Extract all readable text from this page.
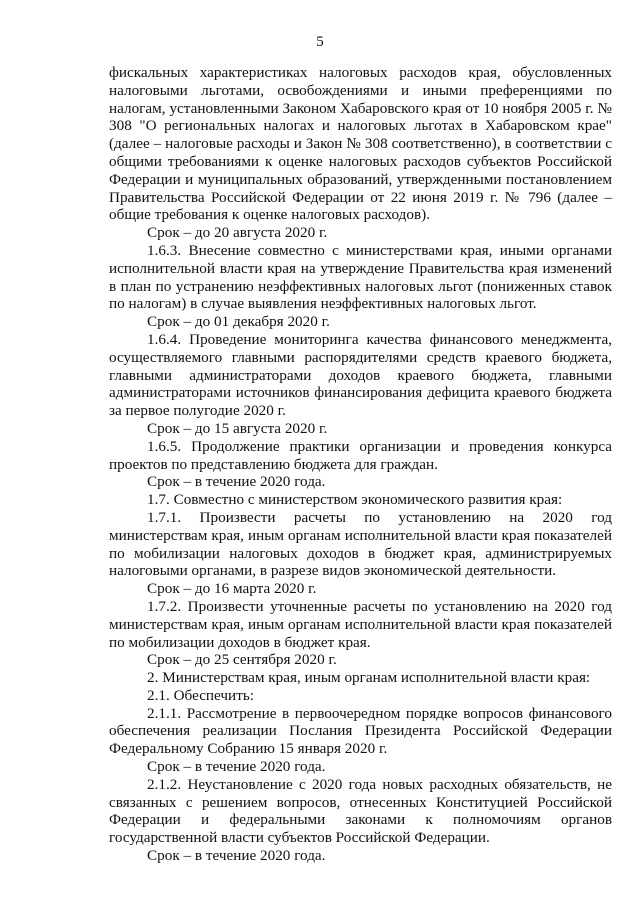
5

фискальных характеристиках налоговых расходов края, обусловленных налоговыми льготами, освобождениями и иными преференциями по налогам, установленными Законом Хабаровского края от 10 ноября 2005 г. № 308 "О региональных налогах и налоговых льготах в Хабаровском крае" (далее – налоговые расходы и Закон № 308 соответственно), в соответствии с общими требованиями к оценке налоговых расходов субъектов Российской Федерации и муниципальных образований, утвержденными постановлением Правительства Российской Федерации от 22 июня 2019 г. № 796 (далее – общие требования к оценке налоговых расходов).

Срок – до 20 августа 2020 г.

1.6.3. Внесение совместно с министерствами края, иными органами исполнительной власти края на утверждение Правительства края изменений в план по устранению неэффективных налоговых льгот (пониженных ставок по налогам) в случае выявления неэффективных налоговых льгот.

Срок – до 01 декабря 2020 г.

1.6.4. Проведение мониторинга качества финансового менеджмента, осуществляемого главными распорядителями средств краевого бюджета, главными администраторами доходов краевого бюджета, главными администраторами источников финансирования дефицита краевого бюджета за первое полугодие 2020 г.

Срок – до 15 августа 2020 г.

1.6.5. Продолжение практики организации и проведения конкурса проектов по представлению бюджета для граждан.

Срок – в течение 2020 года.

1.7. Совместно с министерством экономического развития края:

1.7.1. Произвести расчеты по установлению на 2020 год министерствам края, иным органам исполнительной власти края показателей по мобилизации налоговых доходов в бюджет края, администрируемых налоговыми органами, в разрезе видов экономической деятельности.

Срок – до 16 марта 2020 г.

1.7.2. Произвести уточненные расчеты по установлению на 2020 год министерствам края, иным органам исполнительной власти края показателей по мобилизации доходов в бюджет края.

Срок – до 25 сентября 2020 г.

2. Министерствам края, иным органам исполнительной власти края:

2.1. Обеспечить:

2.1.1. Рассмотрение в первоочередном порядке вопросов финансового обеспечения реализации Послания Президента Российской Федерации Федеральному Собранию 15 января 2020 г.

Срок – в течение 2020 года.

2.1.2. Неустановление с 2020 года новых расходных обязательств, не связанных с решением вопросов, отнесенных Конституцией Российской Федерации и федеральными законами к полномочиям органов государственной власти субъектов Российской Федерации.

Срок – в течение 2020 года.
